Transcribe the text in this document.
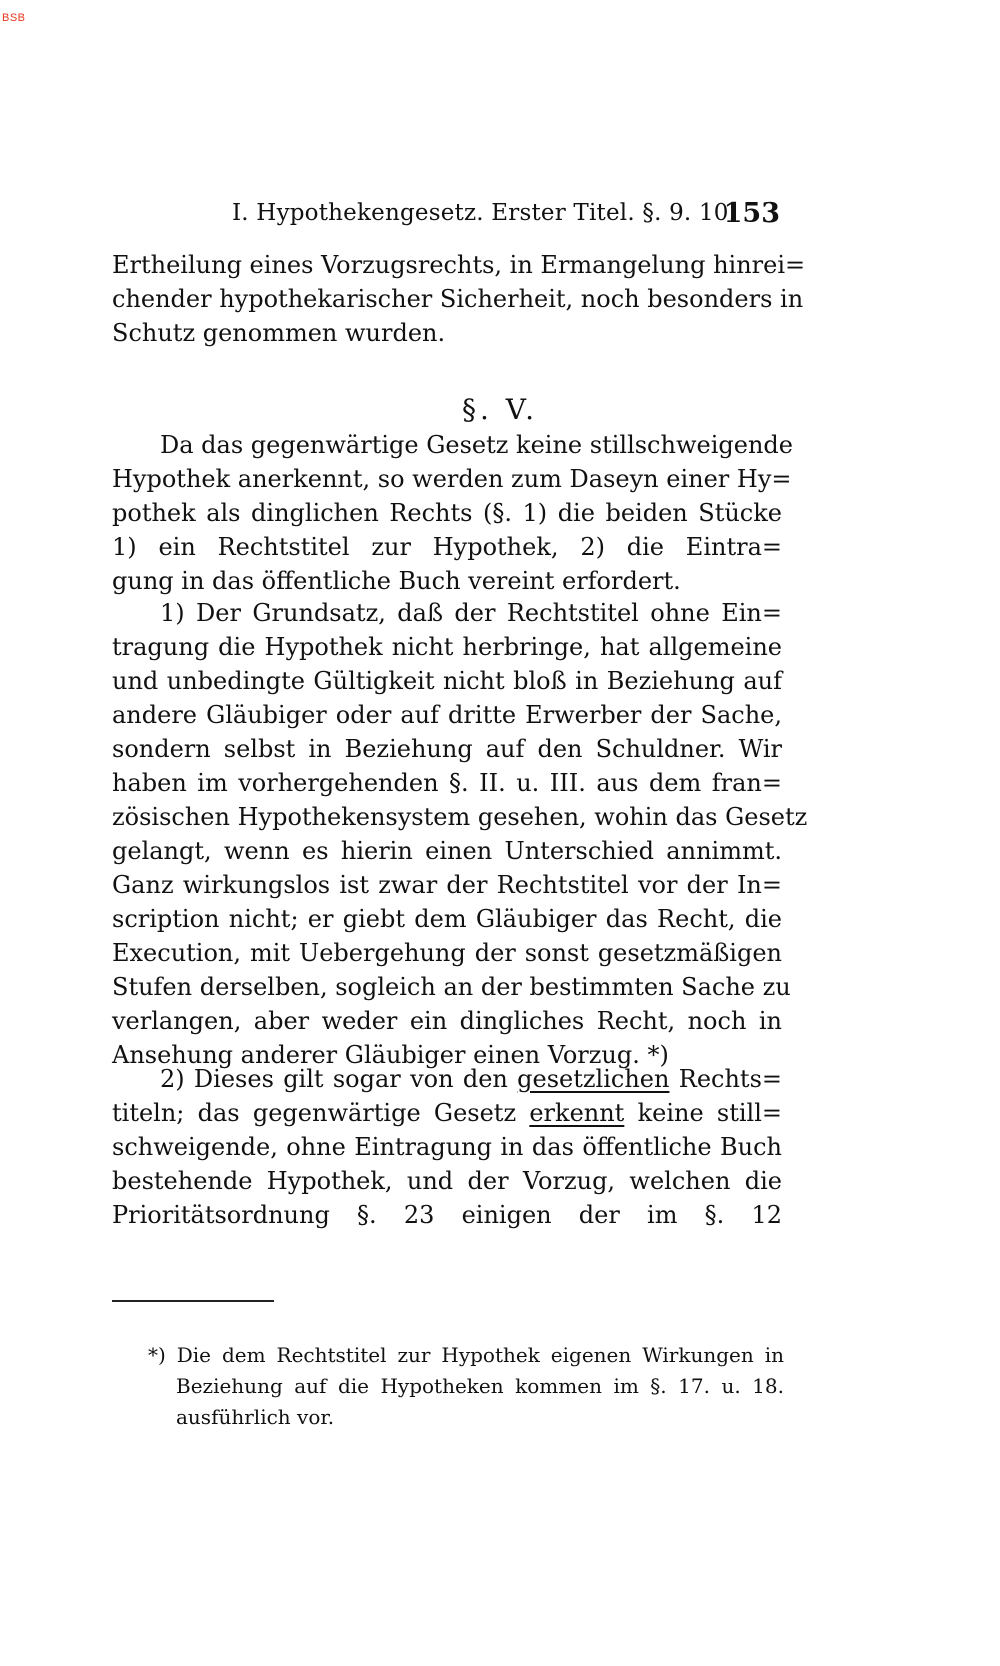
BSB
I. Hypothekengesetz. Erster Titel. §. 9. 10.
153
Ertheilung eines Vorzugsrechts, in Ermangelung hinrei=
chender hypothekarischer Sicherheit, noch besonders in
Schutz genommen wurden.
§. V.
Da das gegenwärtige Gesetz keine stillschweigende
Hypothek anerkennt, so werden zum Daseyn einer Hy=
pothek als dinglichen Rechts (§. 1) die beiden Stücke
1) ein Rechtstitel zur Hypothek, 2) die Eintra=
gung in das öffentliche Buch vereint erfordert.
1) Der Grundsatz, daß der Rechtstitel ohne Ein=
tragung die Hypothek nicht herbringe, hat allgemeine
und unbedingte Gültigkeit nicht bloß in Beziehung auf
andere Gläubiger oder auf dritte Erwerber der Sache,
sondern selbst in Beziehung auf den Schuldner. Wir
haben im vorhergehenden §. II. u. III. aus dem fran=
zösischen Hypothekensystem gesehen, wohin das Gesetz
gelangt, wenn es hierin einen Unterschied annimmt.
Ganz wirkungslos ist zwar der Rechtstitel vor der In=
scription nicht; er giebt dem Gläubiger das Recht, die
Execution, mit Uebergehung der sonst gesetzmäßigen
Stufen derselben, sogleich an der bestimmten Sache zu
verlangen, aber weder ein dingliches Recht, noch in
Ansehung anderer Gläubiger einen Vorzug. *)
2) Dieses gilt sogar von den gesetzlichen Rechts=
titeln; das gegenwärtige Gesetz erkennt keine still=
schweigende, ohne Eintragung in das öffentliche Buch
bestehende Hypothek, und der Vorzug, welchen die
Prioritätsordnung §. 23 einigen der im §. 12
*) Die dem Rechtstitel zur Hypothek eigenen Wirkungen in
Beziehung auf die Hypotheken kommen im §. 17. u. 18.
ausführlich vor.
